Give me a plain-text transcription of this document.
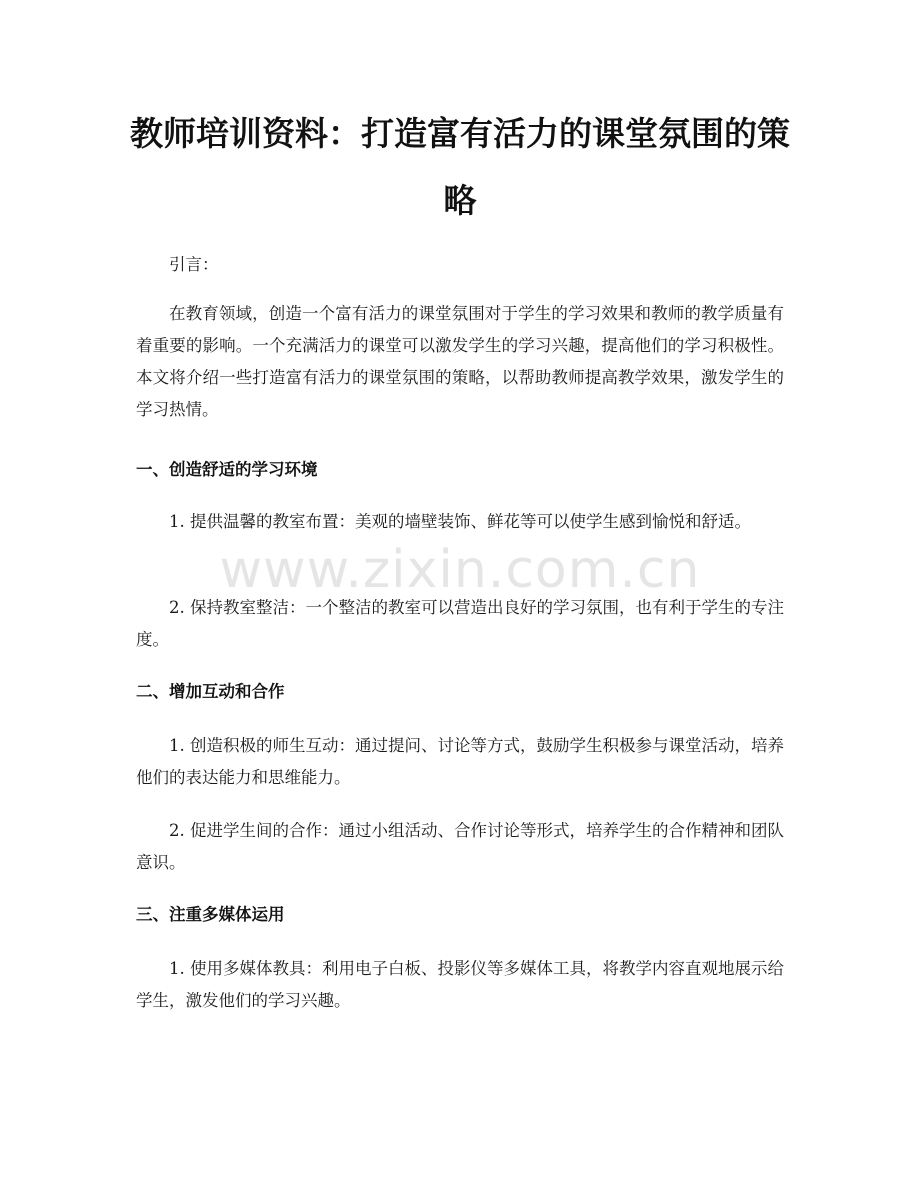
教师培训资料：打造富有活力的课堂氛围的策略

引言：

在教育领域，创造一个富有活力的课堂氛围对于学生的学习效果和教师的教学质量有着重要的影响。一个充满活力的课堂可以激发学生的学习兴趣，提高他们的学习积极性。本文将介绍一些打造富有活力的课堂氛围的策略，以帮助教师提高教学效果，激发学生的学习热情。

一、创造舒适的学习环境

1. 提供温馨的教室布置：美观的墙壁装饰、鲜花等可以使学生感到愉悦和舒适。

2. 保持教室整洁：一个整洁的教室可以营造出良好的学习氛围，也有利于学生的专注度。

二、增加互动和合作

1. 创造积极的师生互动：通过提问、讨论等方式，鼓励学生积极参与课堂活动，培养他们的表达能力和思维能力。

2. 促进学生间的合作：通过小组活动、合作讨论等形式，培养学生的合作精神和团队意识。

三、注重多媒体运用

1. 使用多媒体教具：利用电子白板、投影仪等多媒体工具，将教学内容直观地展示给学生，激发他们的学习兴趣。

www.zixin.com.cn
